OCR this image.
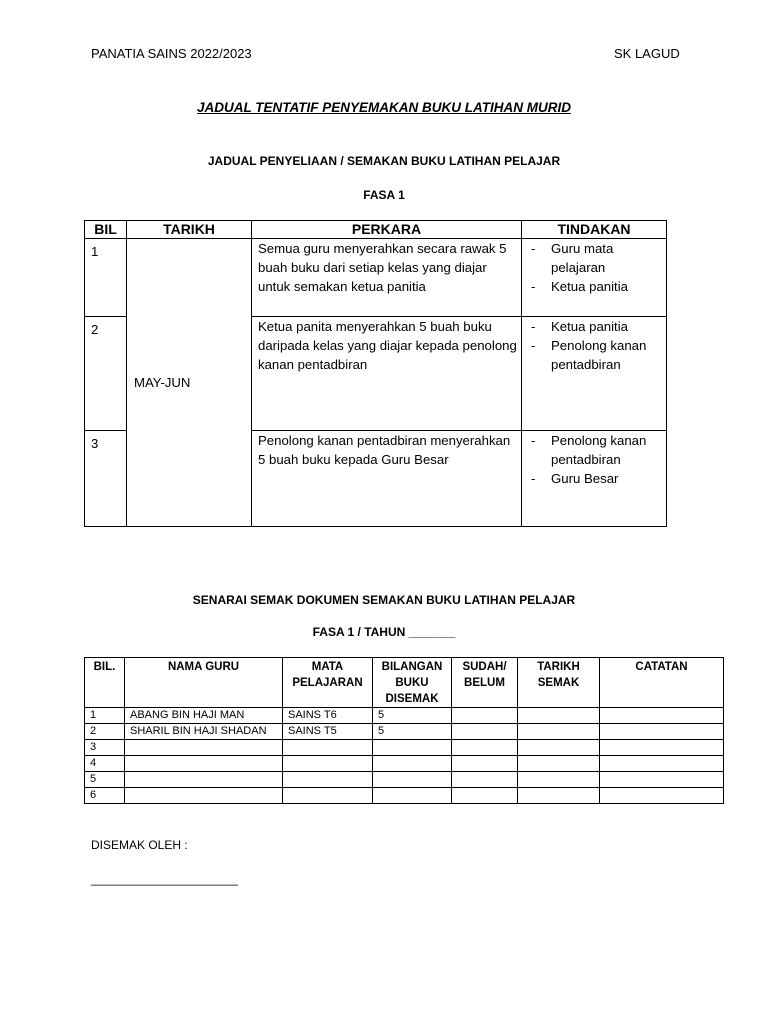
PANATIA SAINS 2022/2023	SK LAGUD
JADUAL TENTATIF PENYEMAKAN BUKU LATIHAN MURID
JADUAL PENYELIAAN / SEMAKAN BUKU LATIHAN PELAJAR
FASA 1
BIL	TARIKH	PERKARA	TINDAKAN
1	MAY-JUN	Semua guru menyerahkan secara rawak 5 buah buku dari setiap kelas yang diajar untuk semakan ketua panitia	- Guru mata pelajaran
- Ketua panitia

2		Ketua panita menyerahkan 5 buah buku daripada kelas yang diajar kepada penolong kanan pentadbiran	- Ketua panitia
- Penolong kanan pentadbiran

3		Penolong kanan pentadbiran menyerahkan 5 buah buku kepada Guru Besar	- Penolong kanan pentadbiran
- Guru Besar
SENARAI SEMAK DOKUMEN SEMAKAN BUKU LATIHAN PELAJAR
FASA 1 / TAHUN _______
BIL.	NAMA GURU	MATA PELAJARAN	BILANGAN BUKU DISEMAK	SUDAH/ BELUM	TARIKH SEMAK	CATATAN
1	ABANG BIN HAJI MAN	SAINS T6	5			
2	SHARIL BIN HAJI SHADAN	SAINS T5	5			
3						
4						
5						
6						
DISEMAK OLEH :
______________________
